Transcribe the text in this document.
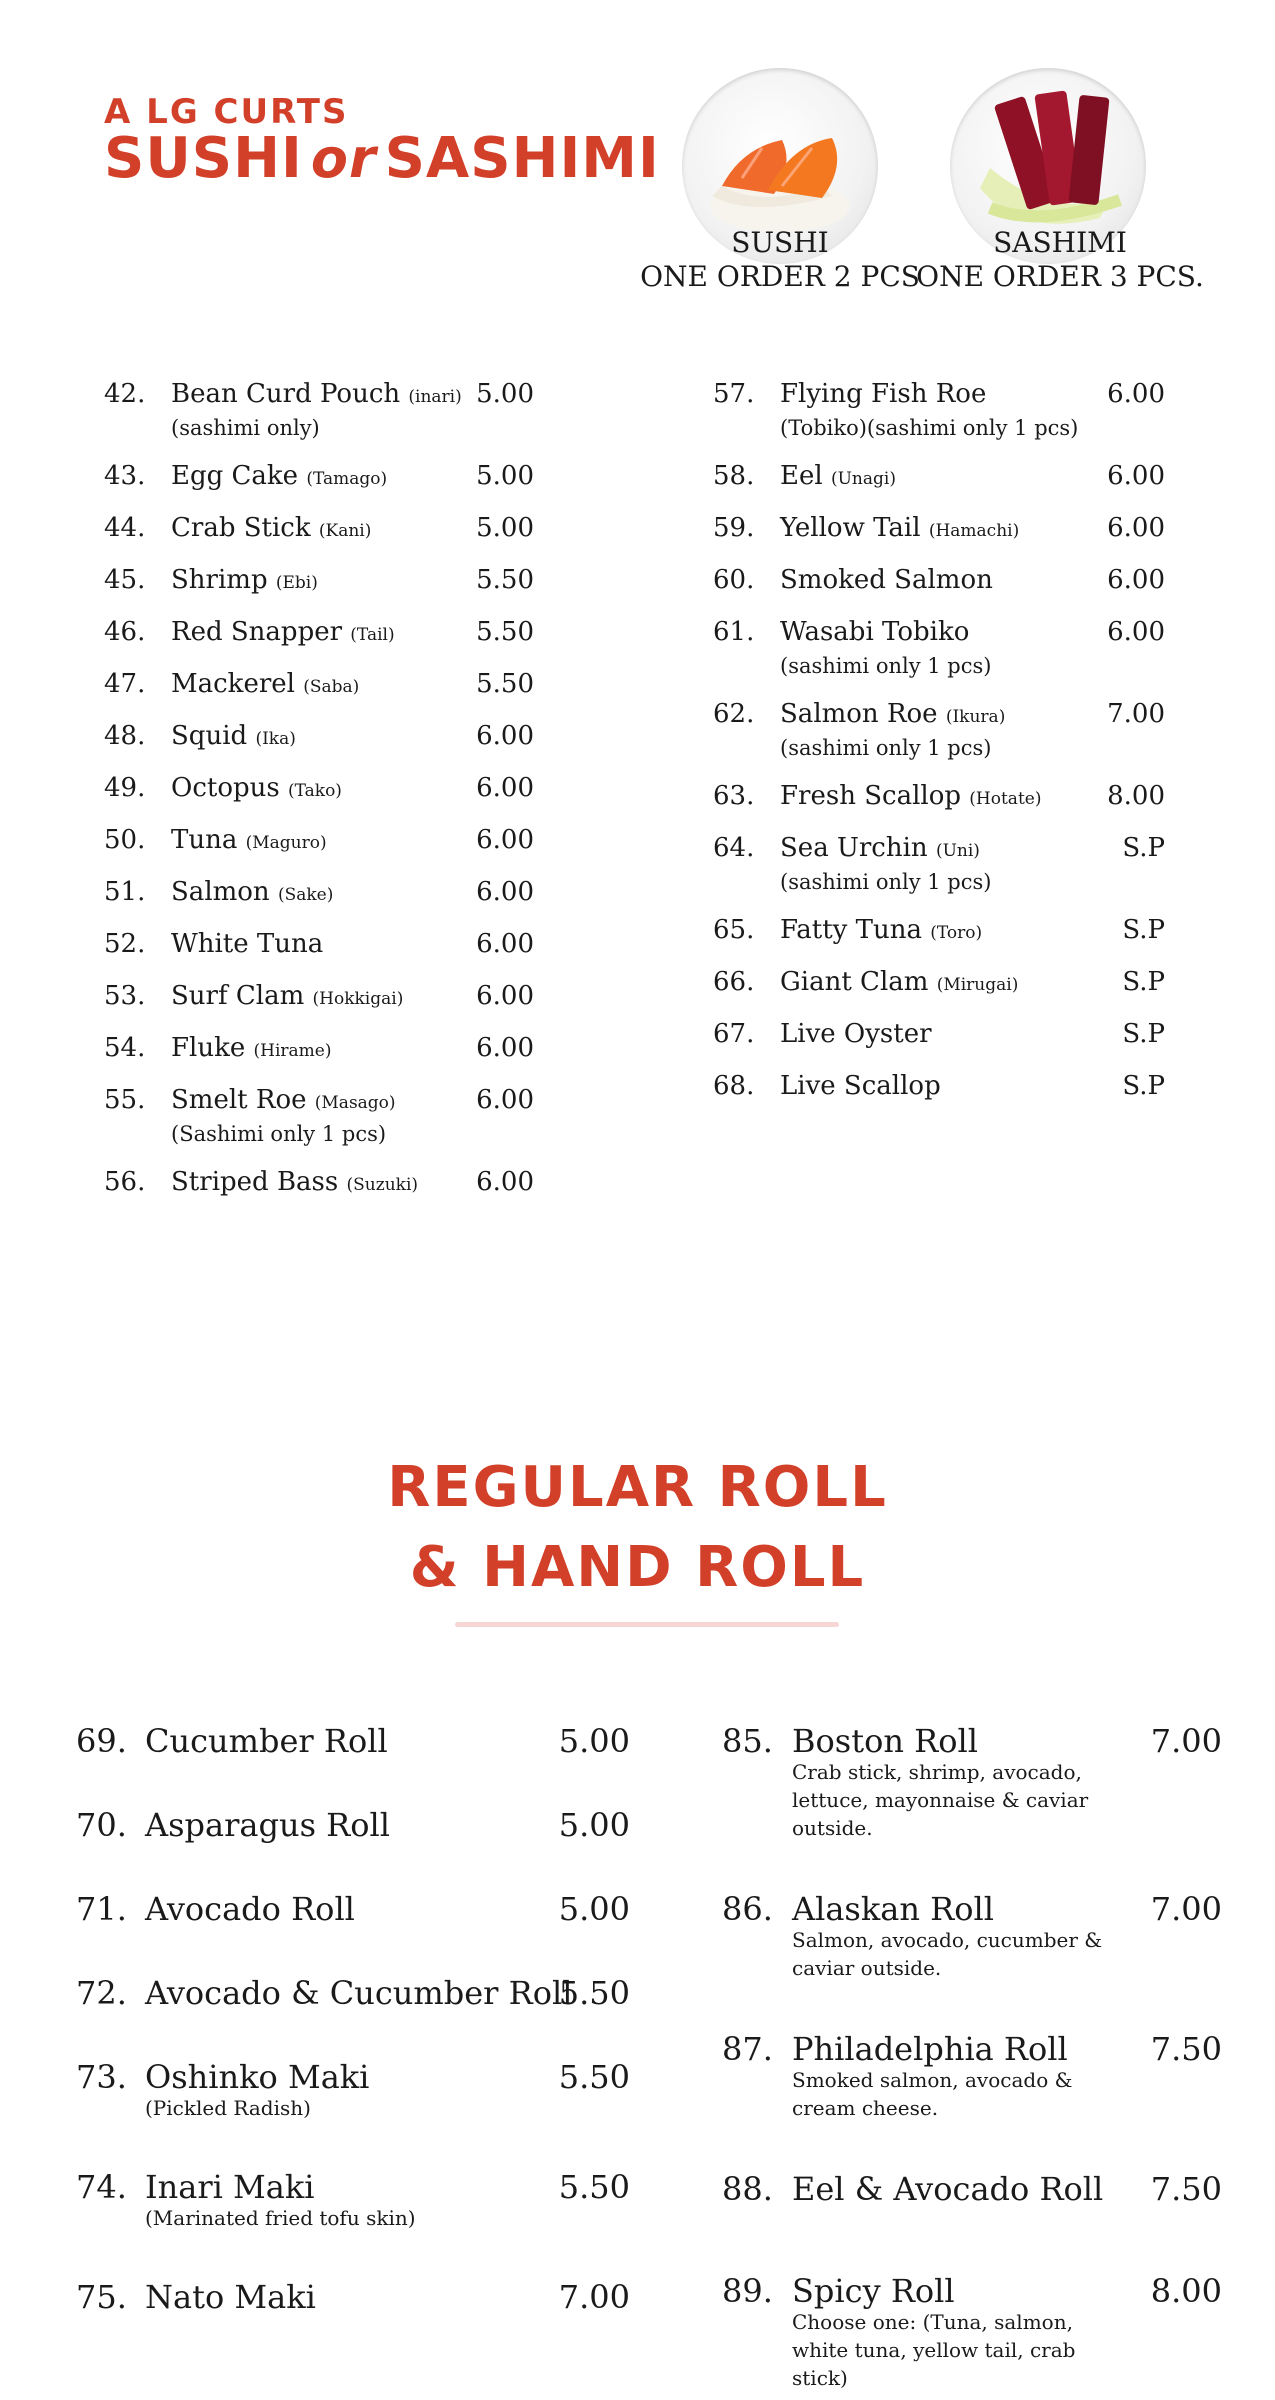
A LG CURTS
SUSHI or SASHIMI
SUSHI
ONE ORDER 2 PCS
SASHIMI
ONE ORDER 3 PCS.
42. Bean Curd Pouch (inari)
(sashimi only)
5.00
43. Egg Cake (Tamago)	5.00
44. Crab Stick (Kani)	5.00
45. Shrimp (Ebi)	5.50
46. Red Snapper (Tail)	5.50
47. Mackerel (Saba)	5.50
48. Squid (Ika)	6.00
49. Octopus (Tako)	6.00
50. Tuna (Maguro)	6.00
51. Salmon (Sake)	6.00
52. White Tuna	6.00
53. Surf Clam (Hokkigai)	6.00
54. Fluke (Hirame)	6.00
55. Smelt Roe (Masago)
(Sashimi only 1 pcs)
6.00
56. Striped Bass (Suzuki)	6.00
57. Flying Fish Roe
(Tobiko)(sashimi only 1 pcs)
6.00
58. Eel (Unagi)	6.00
59. Yellow Tail (Hamachi)	6.00
60. Smoked Salmon	6.00
61. Wasabi Tobiko
(sashimi only 1 pcs)
6.00
62. Salmon Roe (Ikura)
(sashimi only 1 pcs)
7.00
63. Fresh Scallop (Hotate)	8.00
64. Sea Urchin (Uni)
(sashimi only 1 pcs)
S.P
65. Fatty Tuna (Toro)	S.P
66. Giant Clam (Mirugai)	S.P
67. Live Oyster	S.P
68. Live Scallop	S.P
REGULAR ROLL
& HAND ROLL
69. Cucumber Roll	5.00
70. Asparagus Roll	5.00
71. Avocado Roll	5.00
72. Avocado & Cucumber Roll
5.50
73. Oshinko Maki
(Pickled Radish)
5.50
74. Inari Maki
(Marinated fried tofu skin)
5.50
75. Nato Maki	7.00
85. Boston Roll
Crab stick, shrimp, avocado, lettuce, mayonnaise & caviar outside.
7.00
86. Alaskan Roll
Salmon, avocado, cucumber & caviar outside.
7.00
87. Philadelphia Roll
Smoked salmon, avocado & cream cheese.
7.50
88. Eel & Avocado Roll 7.50
89. Spicy Roll
Choose one: (Tuna, salmon, white tuna, yellow tail, crab stick)
8.00
